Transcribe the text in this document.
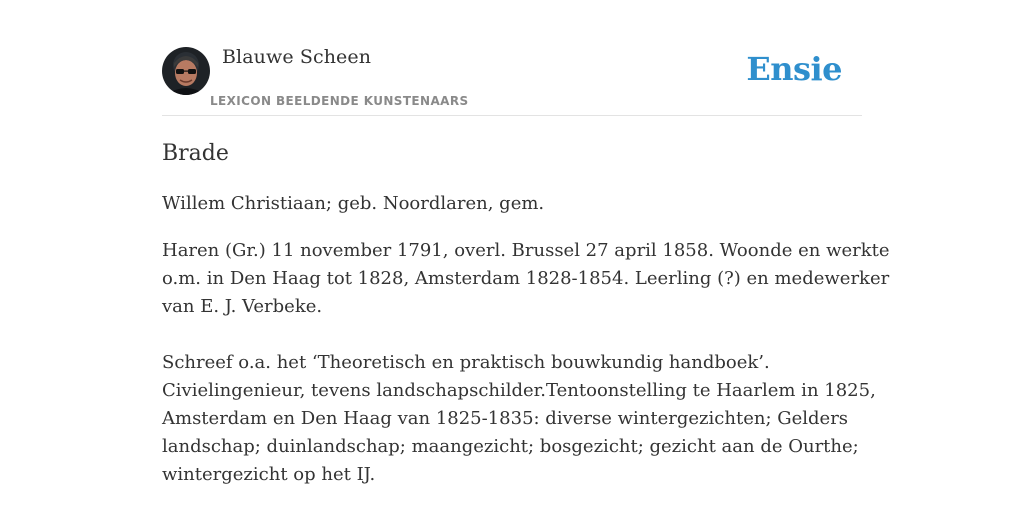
Blauwe Scheen
LEXICON BEELDENDE KUNSTENAARS
Ensie
Brade

Willem Christiaan; geb. Noordlaren, gem.

Haren (Gr.) 11 november 1791, overl. Brussel 27 april 1858. Woonde en werkte
o.m. in Den Haag tot 1828, Amsterdam 1828-1854. Leerling (?) en medewerker
van E. J. Verbeke.
Schreef o.a. het ‘Theoretisch en praktisch bouwkundig handboek’.
Civielingenieur, tevens landschapschilder.Tentoonstelling te Haarlem in 1825,
Amsterdam en Den Haag van 1825-1835: diverse wintergezichten; Gelders
landschap; duinlandschap; maangezicht; bosgezicht; gezicht aan de Ourthe;
wintergezicht op het IJ.
